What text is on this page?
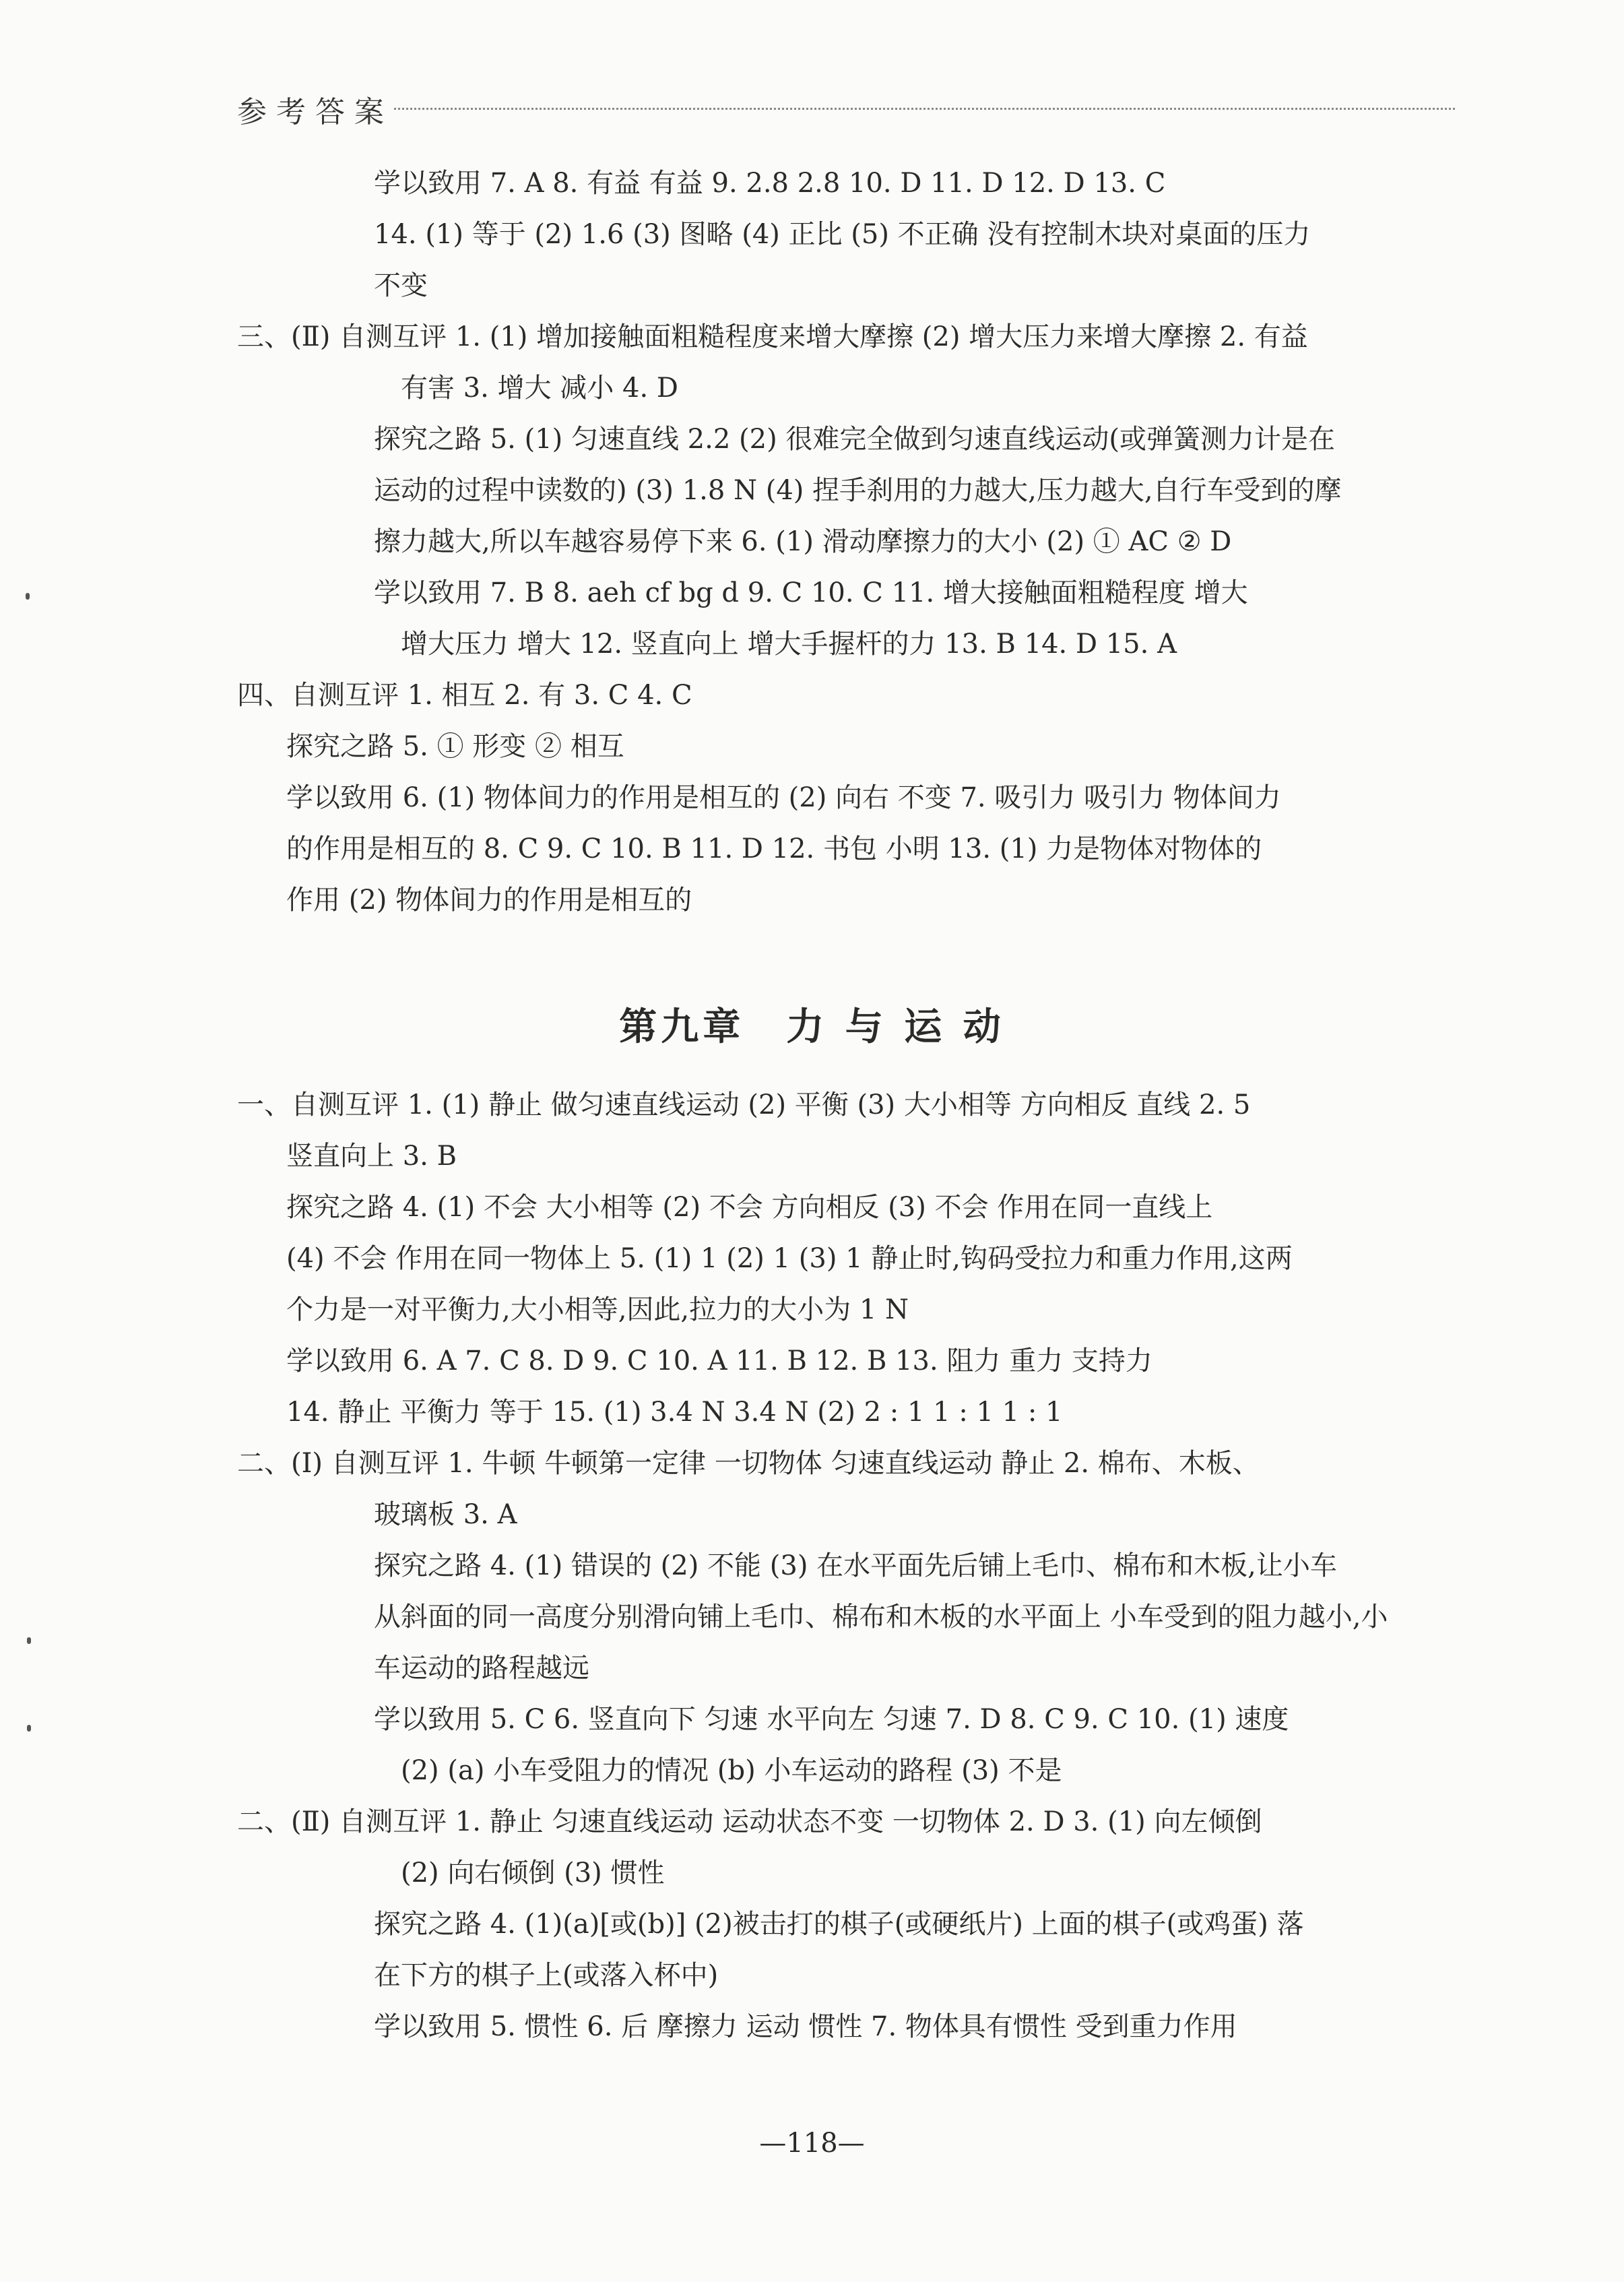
参考答案
学以致用 7. A 8. 有益 有益 9. 2.8 2.8 10. D 11. D 12. D 13. C
14. (1) 等于 (2) 1.6 (3) 图略 (4) 正比 (5) 不正确 没有控制木块对桌面的压力
不变
三、(Ⅱ) 自测互评 1. (1) 增加接触面粗糙程度来增大摩擦 (2) 增大压力来增大摩擦 2. 有益
有害 3. 增大 减小 4. D
探究之路 5. (1) 匀速直线 2.2 (2) 很难完全做到匀速直线运动(或弹簧测力计是在
运动的过程中读数的) (3) 1.8 N (4) 捏手刹用的力越大,压力越大,自行车受到的摩
擦力越大,所以车越容易停下来 6. (1) 滑动摩擦力的大小 (2) ① AC ② D
学以致用 7. B 8. aeh cf bg d 9. C 10. C 11. 增大接触面粗糙程度 增大
增大压力 增大 12. 竖直向上 增大手握杆的力 13. B 14. D 15. A
四、自测互评 1. 相互 2. 有 3. C 4. C
探究之路 5. ① 形变 ② 相互
学以致用 6. (1) 物体间力的作用是相互的 (2) 向右 不变 7. 吸引力 吸引力 物体间力
的作用是相互的 8. C 9. C 10. B 11. D 12. 书包 小明 13. (1) 力是物体对物体的
作用 (2) 物体间力的作用是相互的
一、自测互评 1. (1) 静止 做匀速直线运动 (2) 平衡 (3) 大小相等 方向相反 直线 2. 5
竖直向上 3. B
探究之路 4. (1) 不会 大小相等 (2) 不会 方向相反 (3) 不会 作用在同一直线上
(4) 不会 作用在同一物体上 5. (1) 1 (2) 1 (3) 1 静止时,钩码受拉力和重力作用,这两
个力是一对平衡力,大小相等,因此,拉力的大小为 1 N
学以致用 6. A 7. C 8. D 9. C 10. A 11. B 12. B 13. 阻力 重力 支持力
14. 静止 平衡力 等于 15. (1) 3.4 N 3.4 N (2) 2 : 1 1 : 1 1 : 1
二、(Ⅰ) 自测互评 1. 牛顿 牛顿第一定律 一切物体 匀速直线运动 静止 2. 棉布、木板、
玻璃板 3. A
探究之路 4. (1) 错误的 (2) 不能 (3) 在水平面先后铺上毛巾、棉布和木板,让小车
从斜面的同一高度分别滑向铺上毛巾、棉布和木板的水平面上 小车受到的阻力越小,小
车运动的路程越远
学以致用 5. C 6. 竖直向下 匀速 水平向左 匀速 7. D 8. C 9. C 10. (1) 速度
(2) (a) 小车受阻力的情况 (b) 小车运动的路程 (3) 不是
二、(Ⅱ) 自测互评 1. 静止 匀速直线运动 运动状态不变 一切物体 2. D 3. (1) 向左倾倒
(2) 向右倾倒 (3) 惯性
探究之路 4. (1)(a)[或(b)] (2)被击打的棋子(或硬纸片) 上面的棋子(或鸡蛋) 落
在下方的棋子上(或落入杯中)
学以致用 5. 惯性 6. 后 摩擦力 运动 惯性 7. 物体具有惯性 受到重力作用
第九章　力 与 运 动
—118—
